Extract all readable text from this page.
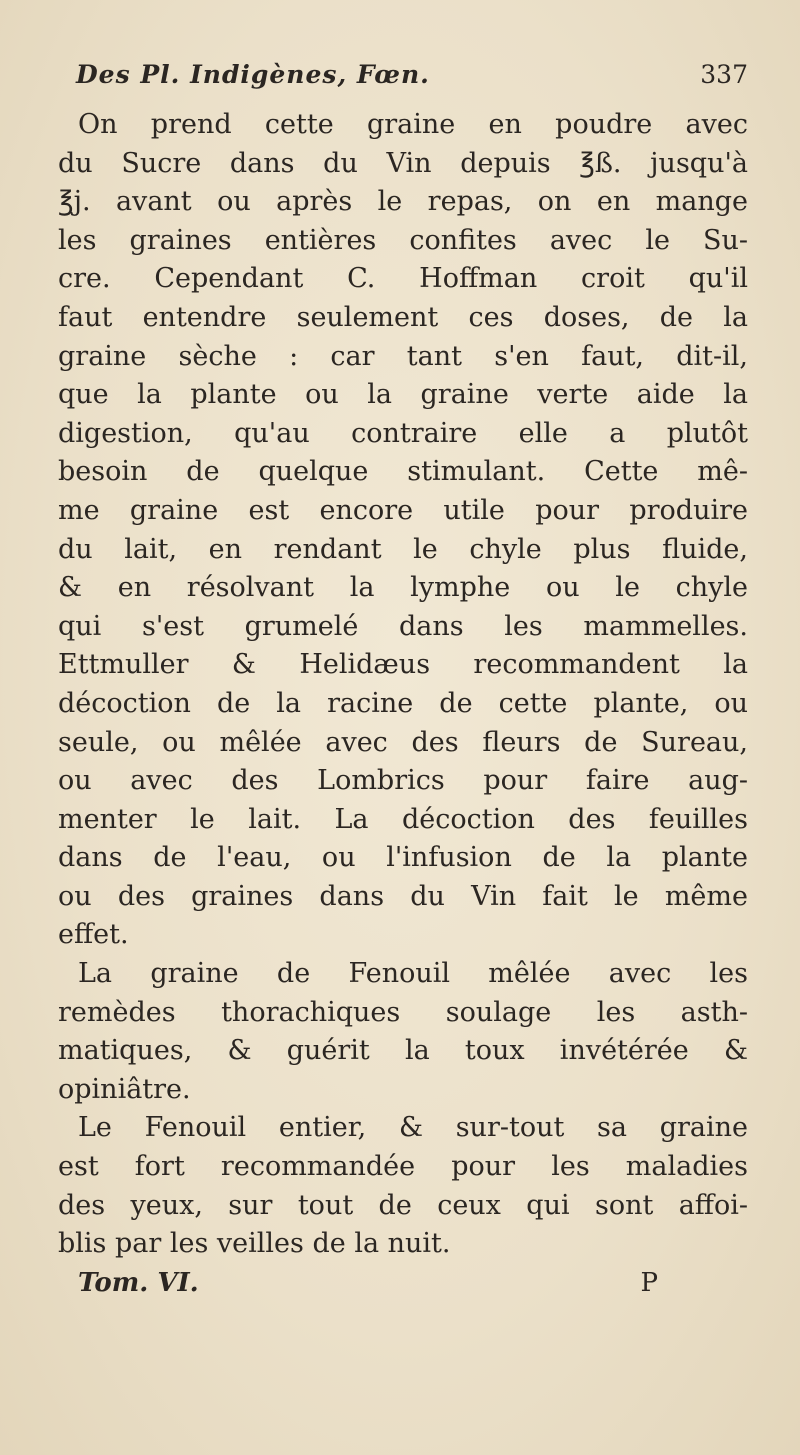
Des Pl. Indigènes, Fœn.	337
On prend cette graine en poudre avec
du Sucre dans du Vin depuis ℥ß. jusqu'à
℥j. avant ou après le repas, on en mange
les graines entières confites avec le Su-
cre. Cependant C. Hoffman croit qu'il
faut entendre seulement ces doses, de la
graine sèche : car tant s'en faut, dit-il,
que la plante ou la graine verte aide la
digestion, qu'au contraire elle a plutôt
besoin de quelque stimulant. Cette mê-
me graine est encore utile pour produire
du lait, en rendant le chyle plus fluide,
& en résolvant la lymphe ou le chyle
qui s'est grumelé dans les mammelles.
Ettmuller & Helidæus recommandent la
décoction de la racine de cette plante, ou
seule, ou mêlée avec des fleurs de Sureau,
ou avec des Lombrics pour faire aug-
menter le lait. La décoction des feuilles
dans de l'eau, ou l'infusion de la plante
ou des graines dans du Vin fait le même
effet.
La graine de Fenouil mêlée avec les
remèdes thorachiques soulage les asth-
matiques, & guérit la toux invétérée &
opiniâtre.
Le Fenouil entier, & sur-tout sa graine
est fort recommandée pour les maladies
des yeux, sur tout de ceux qui sont affoi-
blis par les veilles de la nuit.
Tom. VI.	P
